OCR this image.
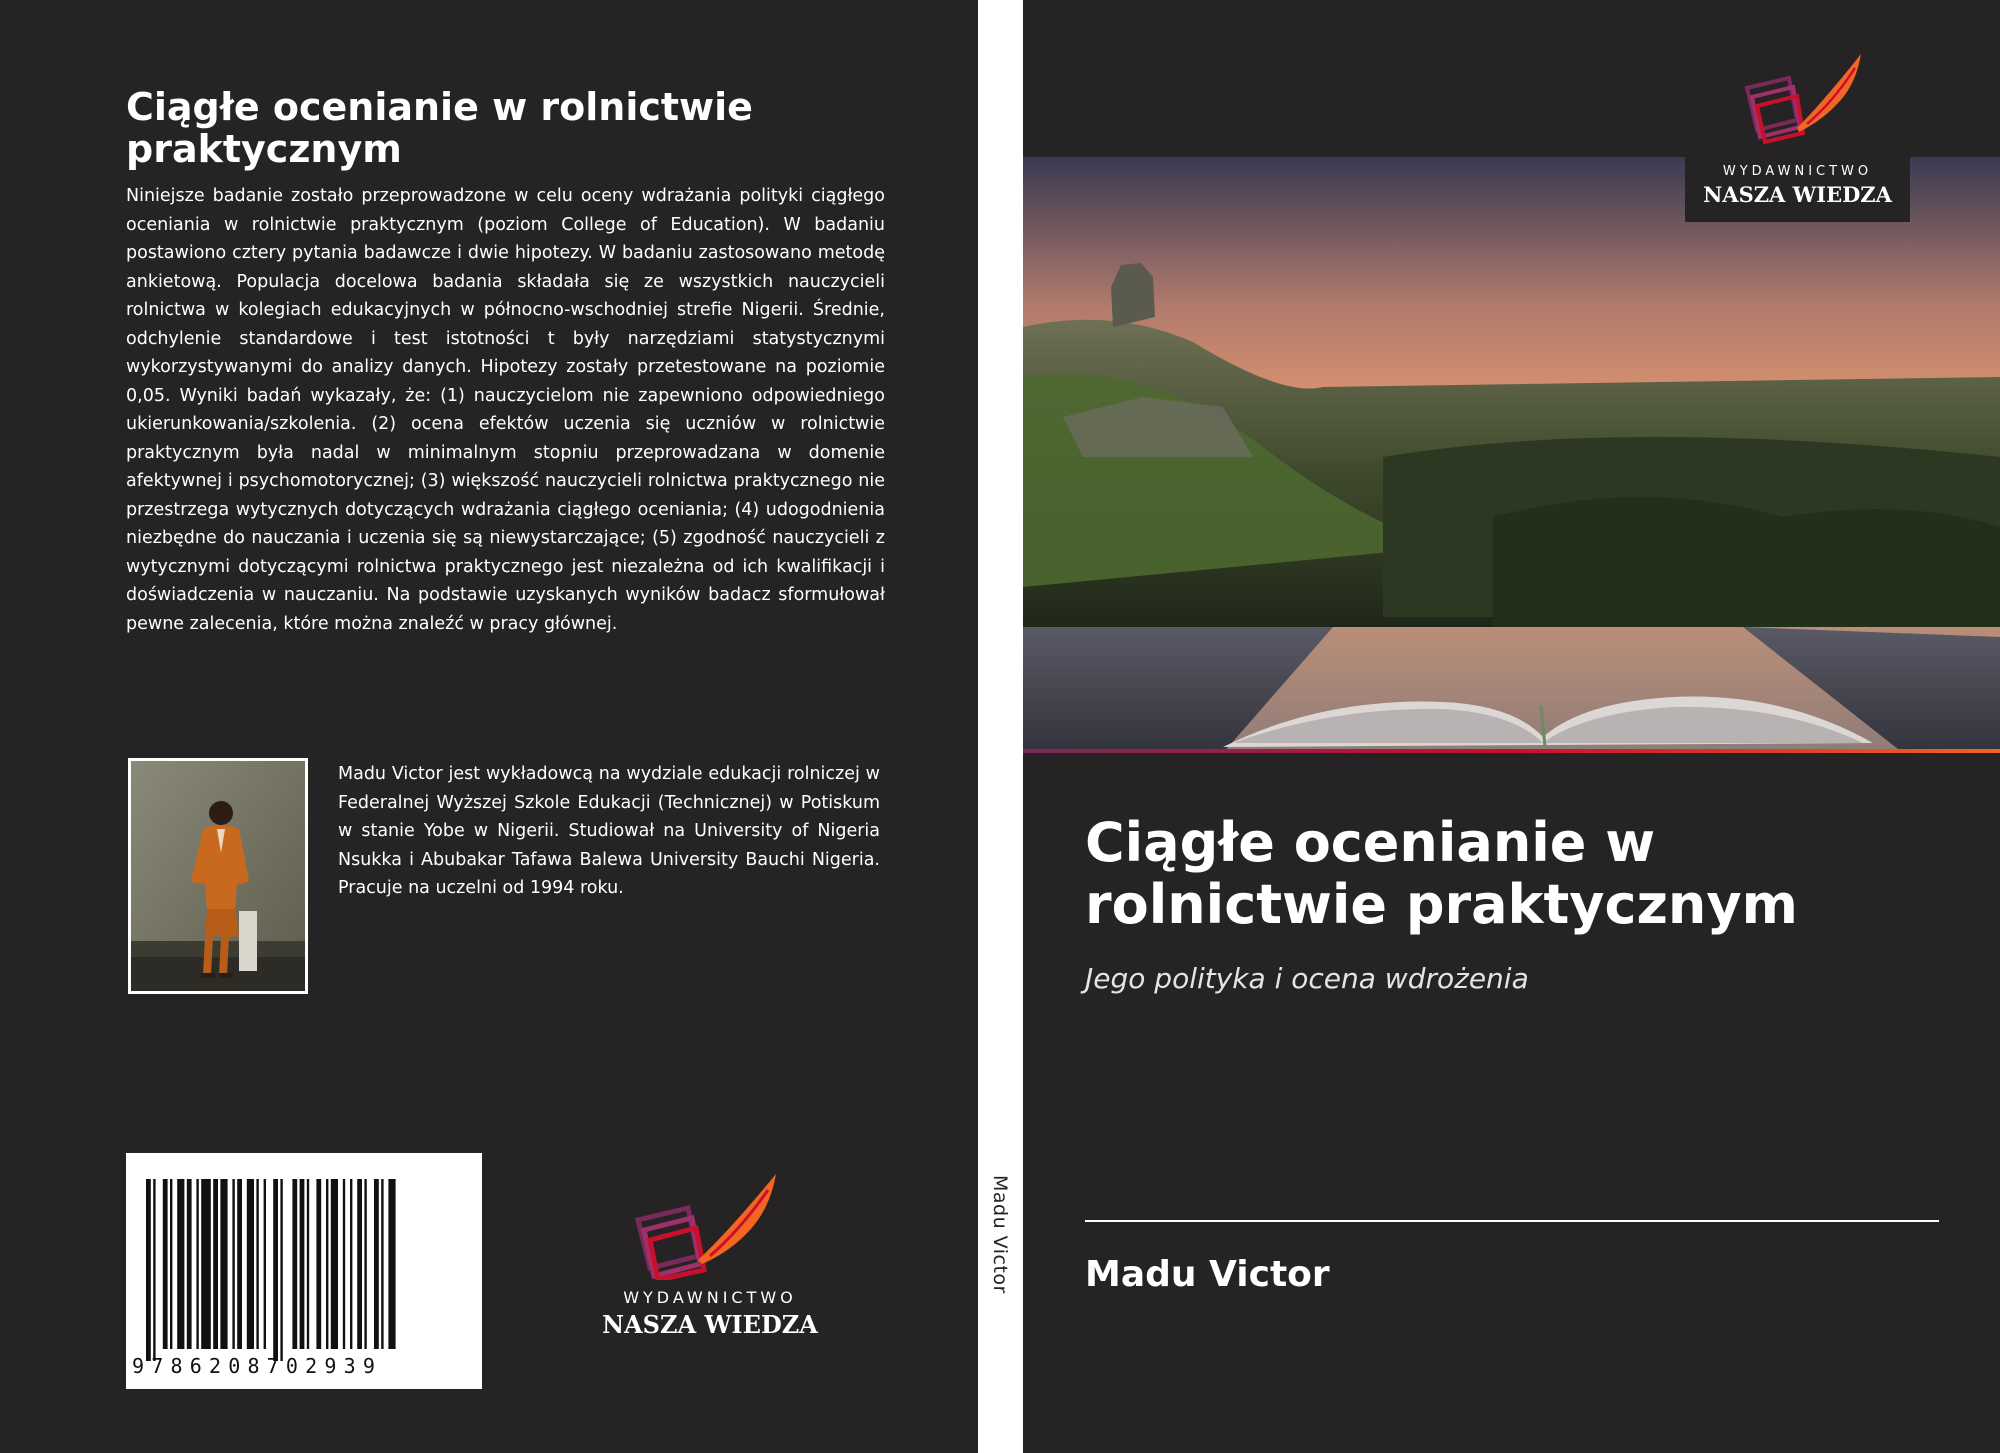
Ciągłe ocenianie w rolnictwie praktycznym

Niniejsze badanie zostało przeprowadzone w celu oceny wdrażania polityki ciągłego oceniania w rolnictwie praktycznym (poziom College of Education). W badaniu postawiono cztery pytania badawcze i dwie hipotezy. W badaniu zastosowano metodę ankietową. Populacja docelowa badania składała się ze wszystkich nauczycieli rolnictwa w kolegiach edukacyjnych w północno-wschodniej strefie Nigerii. Średnie, odchylenie standardowe i test istotności t były narzędziami statystycznymi wykorzystywanymi do analizy danych. Hipotezy zostały przetestowane na poziomie 0,05. Wyniki badań wykazały, że: (1) nauczycielom nie zapewniono odpowiedniego ukierunkowania/szkolenia. (2) ocena efektów uczenia się uczniów w rolnictwie praktycznym była nadal w minimalnym stopniu przeprowadzana w domenie afektywnej i psychomotorycznej; (3) większość nauczycieli rolnictwa praktycznego nie przestrzega wytycznych dotyczących wdrażania ciągłego oceniania; (4) udogodnienia niezbędne do nauczania i uczenia się są niewystarczające; (5) zgodność nauczycieli z wytycznymi dotyczącymi rolnictwa praktycznego jest niezależna od ich kwalifikacji i doświadczenia w nauczaniu. Na podstawie uzyskanych wyników badacz sformułował pewne zalecenia, które można znaleźć w pracy głównej.

Madu Victor jest wykładowcą na wydziale edukacji rolniczej w Federalnej Wyższej Szkole Edukacji (Technicznej) w Potiskum w stanie Yobe w Nigerii. Studiował na University of Nigeria Nsukka i Abubakar Tafawa Balewa University Bauchi Nigeria. Pracuje na uczelni od 1994 roku.

9786208702939
WYDAWNICTWO
NASZA WIEDZA
Madu Victor
WYDAWNICTWO
NASZA WIEDZA
Ciągłe ocenianie w rolnictwie praktycznym

Jego polityka i ocena wdrożenia

Madu Victor
